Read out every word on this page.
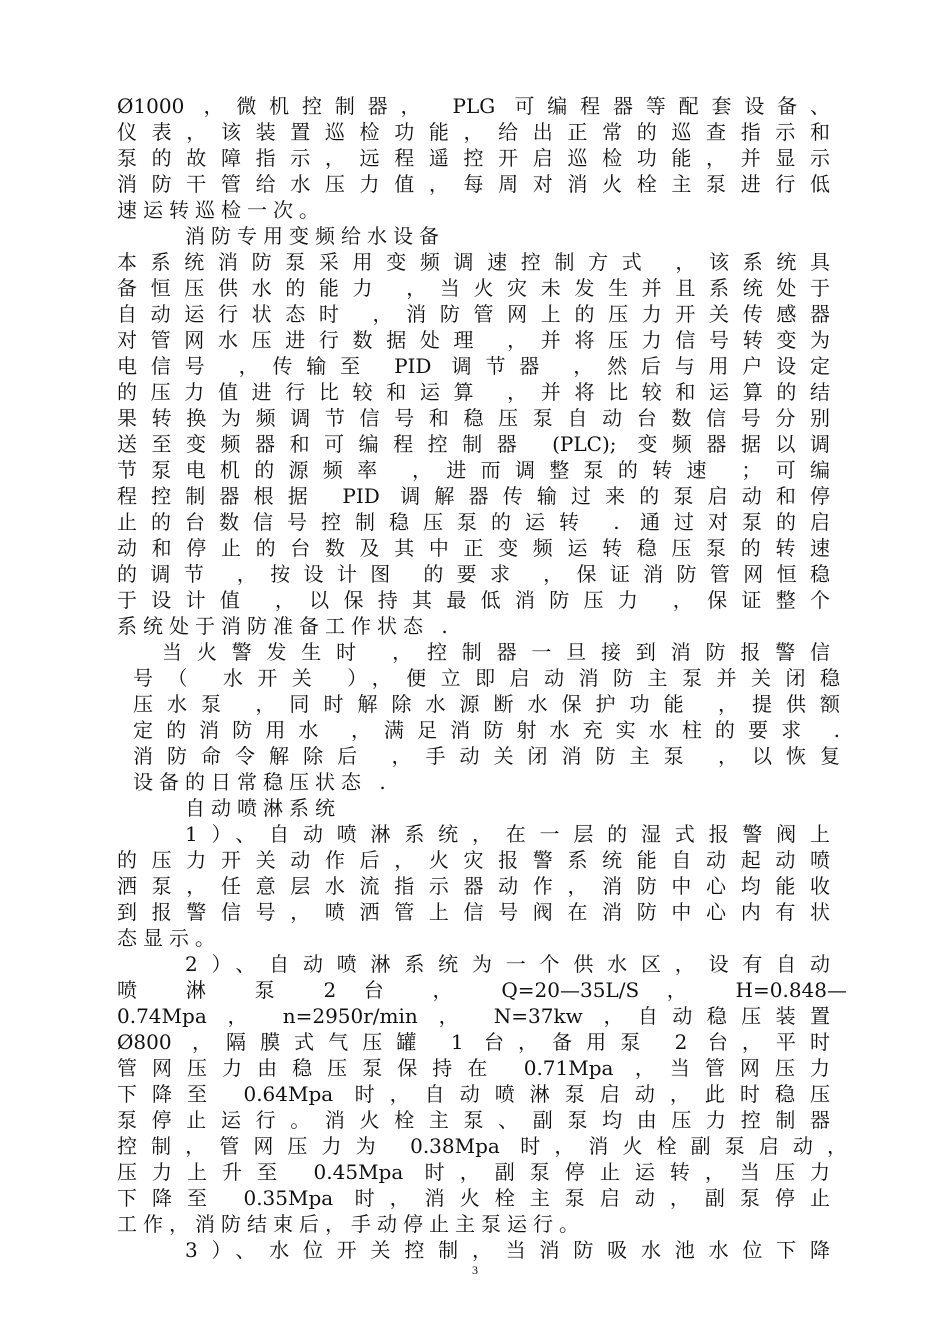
Ø1000 ，微机控制器， PLG 可编程器等配套设备、
仪表，该装置巡检功能，给出正常的巡查指示和
泵的故障指示，远程遥控开启巡检功能，并显示
消防干管给水压力值，每周对消火栓主泵进行低
速运转巡检一次。
消防专用变频给水设备
本系统消防泵采用变频调速控制方式 ，该系统具
备恒压供水的能力 ，当火灾未发生并且系统处于
自动运行状态时 ，消防管网上的压力开关传感器
对管网水压进行数据处理 ，并将压力信号转变为
电信号 ，传输至 PID 调节器 ，然后与用户设定
的压力值进行比较和运算 ，并将比较和运算的结
果转换为频调节信号和稳压泵自动台数信号分别
送至变频器和可编程控制器 (PLC); 变频器据以调
节泵电机的源频率 ，进而调整泵的转速 ；可编
程控制器根据 PID 调解器传输过来的泵启动和停
止的台数信号控制稳压泵的运转 . 通过对泵的启
动和停止的台数及其中正变频运转稳压泵的转速
的调节 ，按设计图 的要求 ，保证消防管网恒稳
于设计值 ，以保持其最低消防压力 ，保证整个
系统处于消防准备工作状态 .
当火警发生时 ，控制器一旦接到消防报警信
号（ 水开关 ），便立即启动消防主泵并关闭稳
压水泵 ，同时解除水源断水保护功能 ，提供额
定的消防用水 ，满足消防射水充实水柱的要求 .
消防命令解除后 ，手动关闭消防主泵 ，以恢复
设备的日常稳压状态 .
自动喷淋系统
1）、自动喷淋系统，在一层的湿式报警阀上
的压力开关动作后，火灾报警系统能自动起动喷
洒泵，任意层水流指示器动作，消防中心均能收
到报警信号，喷洒管上信号阀在消防中心内有状
态显示。
2）、自动喷淋系统为一个供水区，设有自动
喷 淋 泵 2 台 ， Q=20—35L/S ， H=0.848—
0.74Mpa ， n=2950r/min ， N=37kw ，自动稳压装置
Ø800 ，隔膜式气压罐 1 台，备用泵 2 台，平时
管网压力由稳压泵保持在 0.71Mpa ，当管网压力
下降至 0.64Mpa 时，自动喷淋泵启动，此时稳压
泵停止运行。消火栓主泵、副泵均由压力控制器
控制，管网压力为 0.38Mpa 时，消火栓副泵启动，
压力上升至 0.45Mpa 时，副泵停止运转，当压力
下降至 0.35Mpa 时，消火栓主泵启动，副泵停止
工作，消防结束后，手动停止主泵运行。
3）、水位开关控制，当消防吸水池水位下降
3
